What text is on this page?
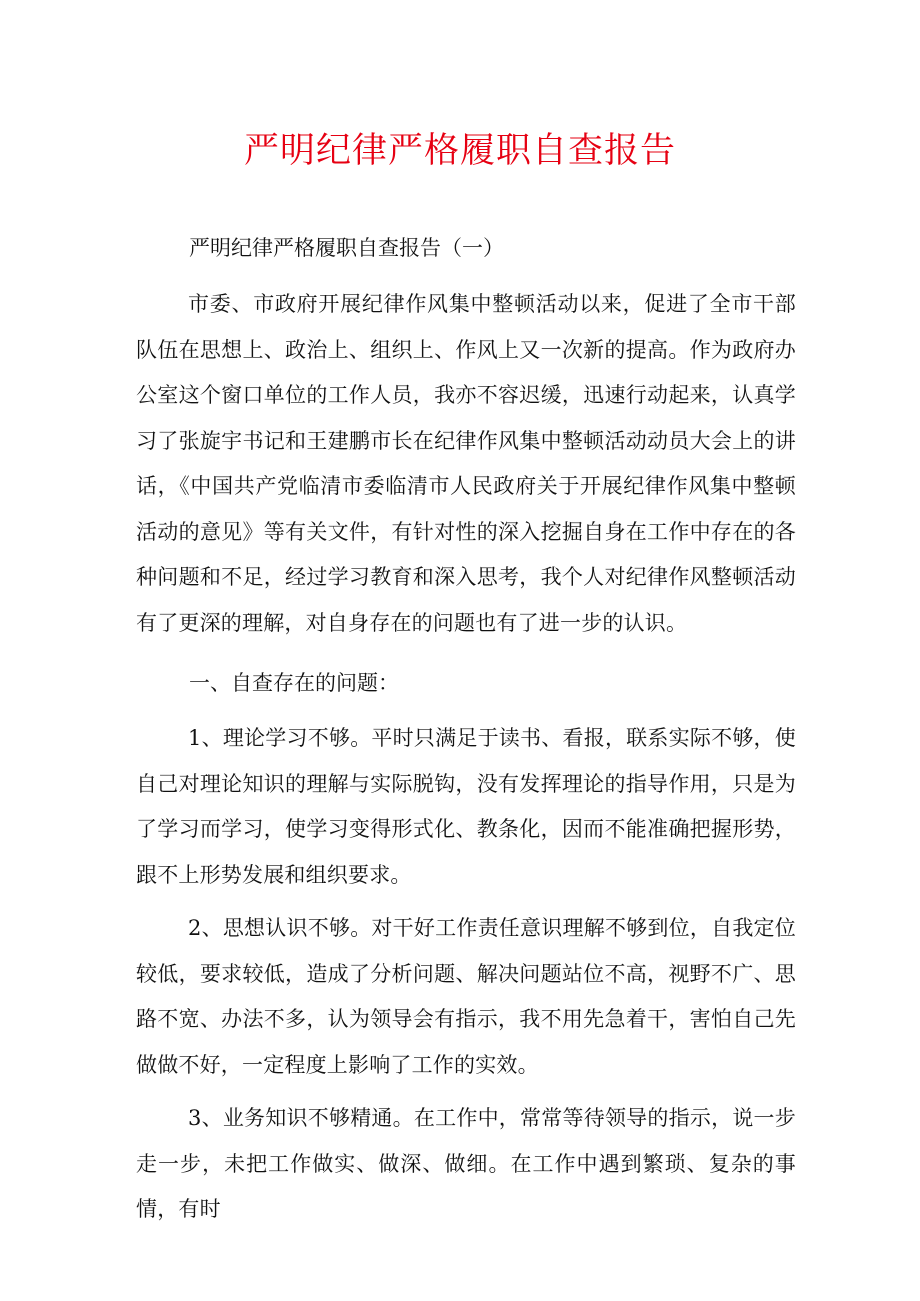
严明纪律严格履职自查报告
严明纪律严格履职自查报告（一）

市委、市政府开展纪律作风集中整顿活动以来，促进了全市干部队伍在思想上、政治上、组织上、作风上又一次新的提高。作为政府办公室这个窗口单位的工作人员，我亦不容迟缓，迅速行动起来，认真学习了张旋宇书记和王建鹏市长在纪律作风集中整顿活动动员大会上的讲话，《中国共产党临清市委临清市人民政府关于开展纪律作风集中整顿活动的意见》等有关文件，有针对性的深入挖掘自身在工作中存在的各种问题和不足，经过学习教育和深入思考，我个人对纪律作风整顿活动有了更深的理解，对自身存在的问题也有了进一步的认识。

一、自查存在的问题：

1、理论学习不够。平时只满足于读书、看报，联系实际不够，使自己对理论知识的理解与实际脱钩，没有发挥理论的指导作用，只是为了学习而学习，使学习变得形式化、教条化，因而不能准确把握形势，跟不上形势发展和组织要求。

2、思想认识不够。对干好工作责任意识理解不够到位，自我定位较低，要求较低，造成了分析问题、解决问题站位不高，视野不广、思路不宽、办法不多，认为领导会有指示，我不用先急着干，害怕自己先做做不好，一定程度上影响了工作的实效。

3、业务知识不够精通。在工作中，常常等待领导的指示，说一步走一步，未把工作做实、做深、做细。在工作中遇到繁琐、复杂的事情，有时
